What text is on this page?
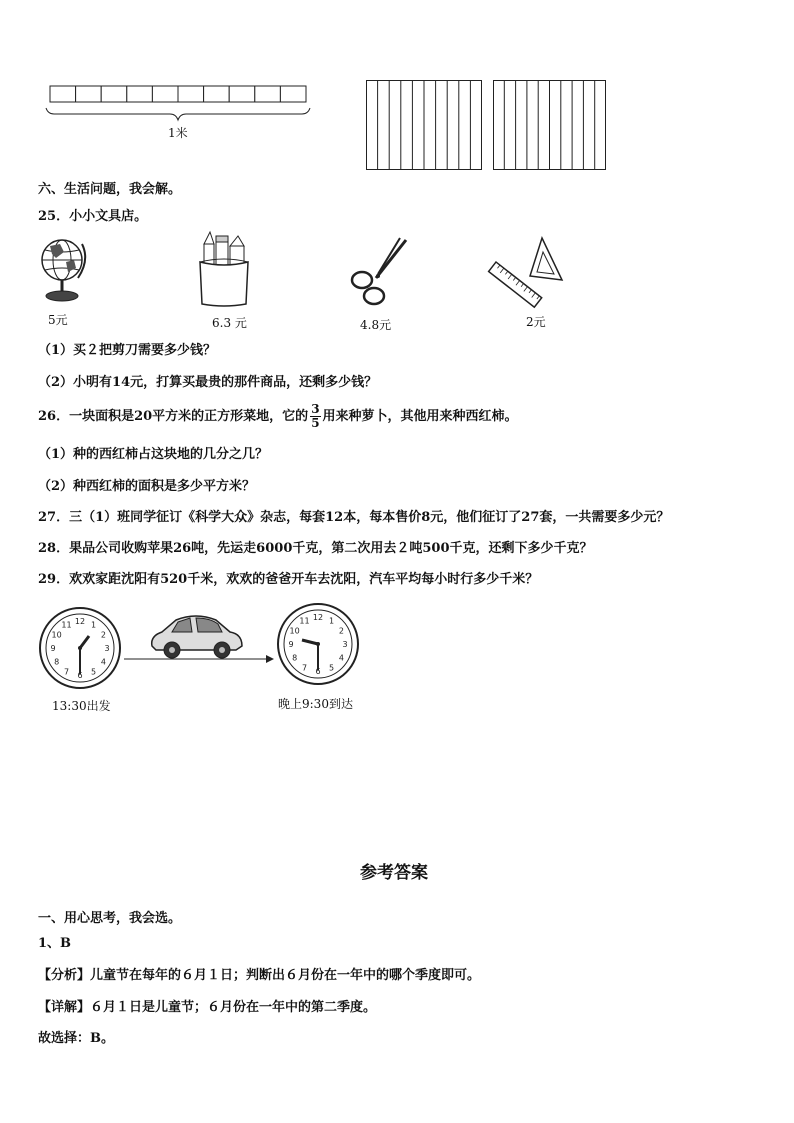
1米
六、生活问题，我会解。
25．小小文具店。
5元	6.3 元	4.8元	2元
（1）买２把剪刀需要多少钱？
（2）小明有14元，打算买最贵的那件商品，还剩多少钱？
26．一块面积是20平方米的正方形菜地，它的 $\frac{3}{5}$ 用来种萝卜，其他用来种西红柿。
（1）种的西红柿占这块地的几分之几？
（2）种西红柿的面积是多少平方米？
27．三（1）班同学征订《科学大众》杂志，每套12本，每本售价8元，他们征订了27套，一共需要多少元？
28．果品公司收购苹果26吨，先运走6000千克，第二次用去２吨500千克，还剩下多少千克？
29．欢欢家距沈阳有520千米，欢欢的爸爸开车去沈阳，汽车平均每小时行多少千米？
1
2
3
4
5
6
7
8
9
10
11 12	1
2
3
4
5
6
7
8
9
10
11 12
13:30出发	晚上9:30到达
参考答案
一、用心思考，我会选。
1、B
【分析】儿童节在每年的６月１日；判断出６月份在一年中的哪个季度即可。
【详解】６月１日是儿童节；６月份在一年中的第二季度。
故选择：B。
